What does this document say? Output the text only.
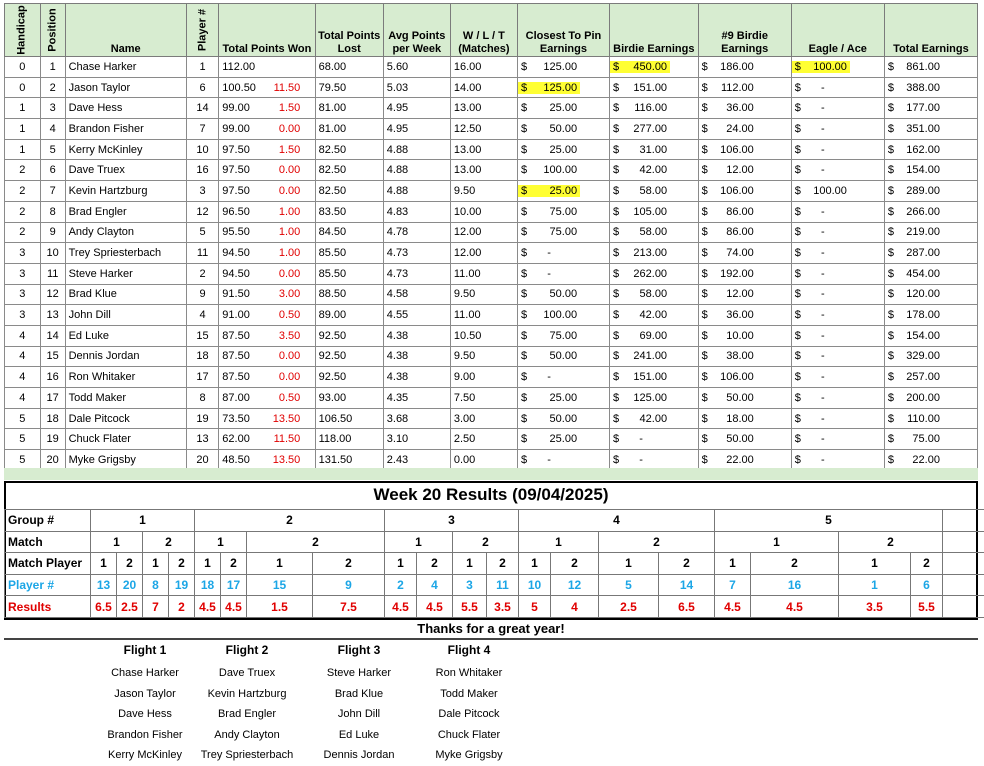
Handicap	Position	Name	Player #	Total Points Won	Total Points Lost	Avg Points per Week	W / L / T (Matches)	Closest To Pin Earnings	Birdie Earnings	#9 Birdie Earnings	Eagle / Ace	Total Earnings
0	1	Chase Harker	1	112.00	68.00	5.60	16.00	$ 125.00	$ 450.00	$ 186.00	$ 100.00	$ 861.00

0	2	Jason Taylor	6	100.50 11.50	79.50	5.03	14.00	$ 125.00	$ 151.00	$ 112.00	$ -	$ 388.00

1	3	Dave Hess	14	99.00 1.50	81.00	4.95	13.00	$ 25.00	$ 116.00	$ 36.00	$ -	$ 177.00

1	4	Brandon Fisher	7	99.00 0.00	81.00	4.95	12.50	$ 50.00	$ 277.00	$ 24.00	$ -	$ 351.00

1	5	Kerry McKinley	10	97.50 1.50	82.50	4.88	13.00	$ 25.00	$ 31.00	$ 106.00	$ -	$ 162.00

2	6	Dave Truex	16	97.50 0.00	82.50	4.88	13.00	$ 100.00	$ 42.00	$ 12.00	$ -	$ 154.00

2	7	Kevin Hartzburg	3	97.50 0.00	82.50	4.88	9.50	$ 25.00	$ 58.00	$ 106.00	$ 100.00	$ 289.00

2	8	Brad Engler	12	96.50 1.00	83.50	4.83	10.00	$ 75.00	$ 105.00	$ 86.00	$ -	$ 266.00

2	9	Andy Clayton	5	95.50 1.00	84.50	4.78	12.00	$ 75.00	$ 58.00	$ 86.00	$ -	$ 219.00

3	10	Trey Spriesterbach	11	94.50 1.00	85.50	4.73	12.00	$ -	$ 213.00	$ 74.00	$ -	$ 287.00

3	11	Steve Harker	2	94.50 0.00	85.50	4.73	11.00	$ -	$ 262.00	$ 192.00	$ -	$ 454.00

3	12	Brad Klue	9	91.50 3.00	88.50	4.58	9.50	$ 50.00	$ 58.00	$ 12.00	$ -	$ 120.00

3	13	John Dill	4	91.00 0.50	89.00	4.55	11.00	$ 100.00	$ 42.00	$ 36.00	$ -	$ 178.00

4	14	Ed Luke	15	87.50 3.50	92.50	4.38	10.50	$ 75.00	$ 69.00	$ 10.00	$ -	$ 154.00

4	15	Dennis Jordan	18	87.50 0.00	92.50	4.38	9.50	$ 50.00	$ 241.00	$ 38.00	$ -	$ 329.00

4	16	Ron Whitaker	17	87.50 0.00	92.50	4.38	9.00	$ -	$ 151.00	$ 106.00	$ -	$ 257.00

4	17	Todd Maker	8	87.00 0.50	93.00	4.35	7.50	$ 25.00	$ 125.00	$ 50.00	$ -	$ 200.00

5	18	Dale Pitcock	19	73.50 13.50	106.50	3.68	3.00	$ 50.00	$ 42.00	$ 18.00	$ -	$ 110.00

5	19	Chuck Flater	13	62.00 11.50	118.00	3.10	2.50	$ 25.00	$ -	$ 50.00	$ -	$ 75.00

5	20	Myke Grigsby	20	48.50 13.50	131.50	2.43	0.00	$ -	$ -	$ 22.00	$ -	$ 22.00
Week 20 Results (09/04/2025)
Group #	1				2				3				4				5											
Match	1		2		1		2		1		2		1		2		1		2									
Match Player	1	2	1	2	1	2	1	2	1	2	1	2	1	2	1	2	1	2	1	2								
Player #	13	20	8	19	18	17	15	9	2	4	3	11	10	12	5	14	7	16	1	6								
Results	6.5	2.5	7	2	4.5	4.5	1.5	7.5	4.5	4.5	5.5	3.5	5	4	2.5	6.5	4.5	4.5	3.5	5.5								
Thanks for a great year!
Flight 1
Chase Harker
Jason Taylor
Dave Hess
Brandon Fisher
Kerry McKinley
Flight 2
Dave Truex
Kevin Hartzburg
Brad Engler
Andy Clayton
Trey Spriesterbach
Flight 3
Steve Harker
Brad Klue
John Dill
Ed Luke
Dennis Jordan
Flight 4
Ron Whitaker
Todd Maker
Dale Pitcock
Chuck Flater
Myke Grigsby
